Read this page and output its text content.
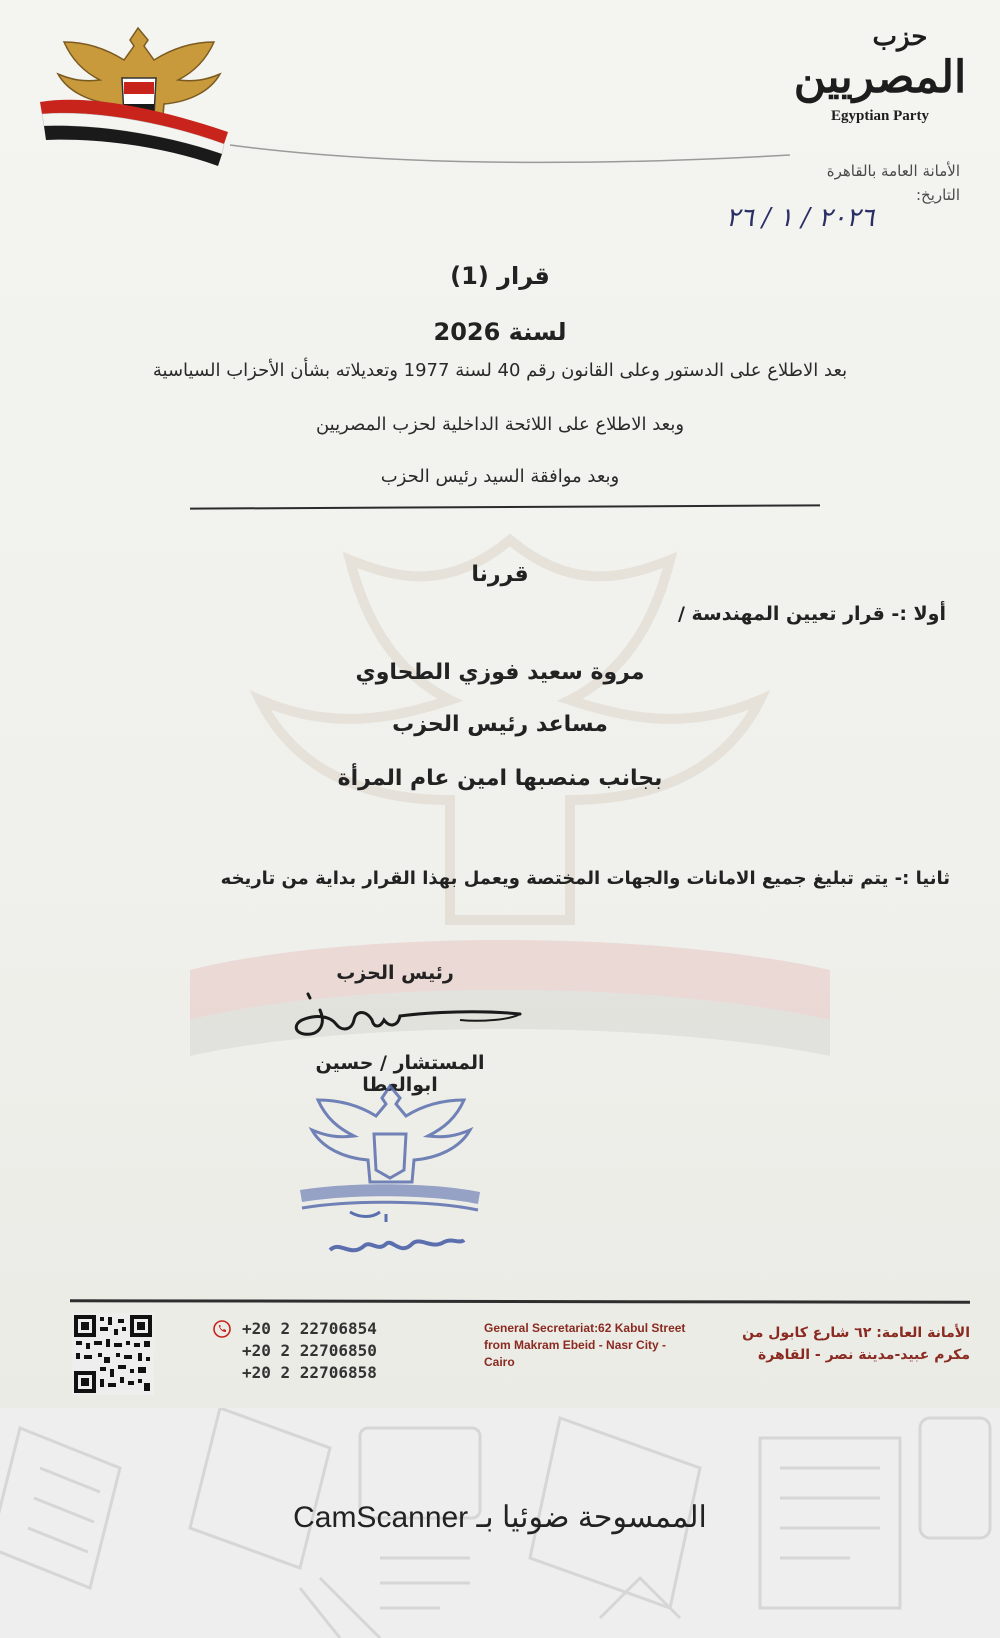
حزب
المصريين
Egyptian Party
الأمانة العامة بالقاهرة
التاريخ:
٢٠٢٦ / ١ / ٢٦
قرار (1)
لسنة 2026
بعد الاطلاع على الدستور وعلى القانون رقم 40 لسنة 1977 وتعديلاته بشأن الأحزاب السياسية
وبعد الاطلاع على اللائحة الداخلية لحزب المصريين
وبعد موافقة السيد رئيس الحزب
قررنا
أولا :- قرار تعيين المهندسة /
مروة سعيد فوزي الطحاوي
مساعد رئيس الحزب
بجانب منصبها امين عام المرأة
ثانيا :- يتم تبليغ جميع الامانات والجهات المختصة ويعمل بهذا القرار بداية من تاريخه
رئيس الحزب
المستشار / حسين ابوالعطا
+20 2 22706854
+20 2 22706850
+20 2 22706858
General Secretariat:62 Kabul Street from Makram Ebeid - Nasr City - Cairo
الأمانة العامة: ٦٢ شارع كابول من
مكرم عبيد-مدينة نصر - القاهرة
الممسوحة ضوئيا بـ CamScanner
